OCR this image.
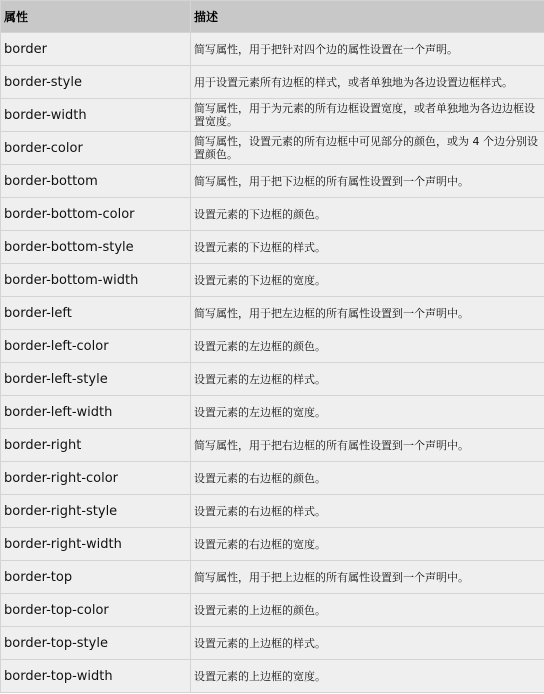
属性	描述
border	简写属性，用于把针对四个边的属性设置在一个声明。
border-style	用于设置元素所有边框的样式，或者单独地为各边设置边框样式。
border-width	简写属性，用于为元素的所有边框设置宽度，或者单独地为各边边框设置宽度。
border-color	简写属性，设置元素的所有边框中可见部分的颜色，或为 4 个边分别设置颜色。
border-bottom	简写属性，用于把下边框的所有属性设置到一个声明中。
border-bottom-color	设置元素的下边框的颜色。
border-bottom-style	设置元素的下边框的样式。
border-bottom-width	设置元素的下边框的宽度。
border-left	简写属性，用于把左边框的所有属性设置到一个声明中。
border-left-color	设置元素的左边框的颜色。
border-left-style	设置元素的左边框的样式。
border-left-width	设置元素的左边框的宽度。
border-right	简写属性，用于把右边框的所有属性设置到一个声明中。
border-right-color	设置元素的右边框的颜色。
border-right-style	设置元素的右边框的样式。
border-right-width	设置元素的右边框的宽度。
border-top	简写属性，用于把上边框的所有属性设置到一个声明中。
border-top-color	设置元素的上边框的颜色。
border-top-style	设置元素的上边框的样式。
border-top-width	设置元素的上边框的宽度。
